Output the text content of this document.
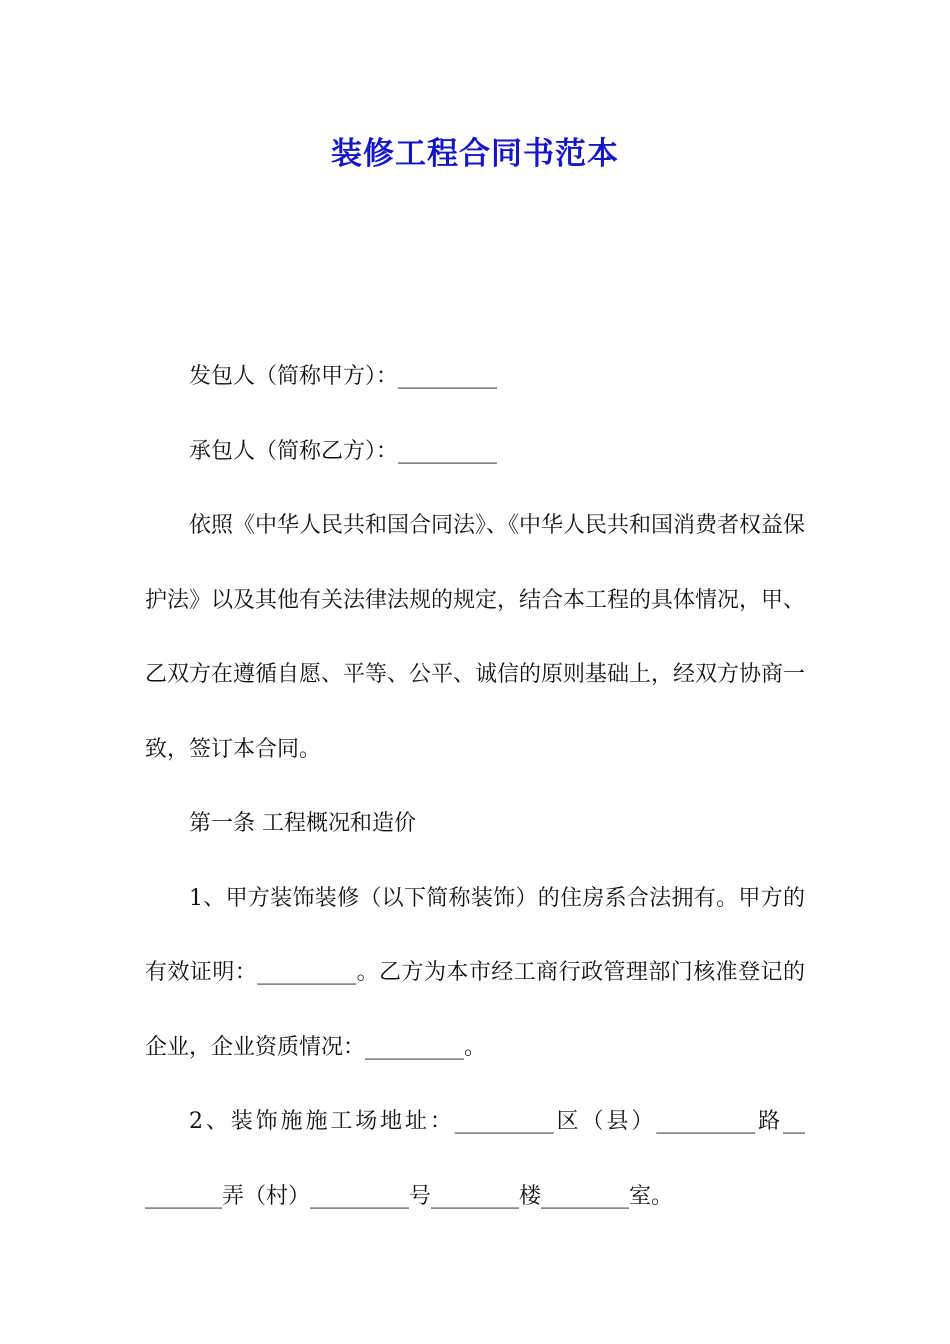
装修工程合同书范本

发包人（简称甲方）：_________

承包人（简称乙方）：_________

依照《中华人民共和国合同法》、《中华人民共和国消费者权益保护法》以及其他有关法律法规的规定，结合本工程的具体情况，甲、乙双方在遵循自愿、平等、公平、诚信的原则基础上，经双方协商一致，签订本合同。

第一条 工程概况和造价

1、甲方装饰装修（以下简称装饰）的住房系合法拥有。甲方的有效证明：_________。乙方为本市经工商行政管理部门核准登记的企业，企业资质情况：_________。

2、装饰施施工场地址：_________区（县）_________路__ _______弄（村）_________号________楼________室。
